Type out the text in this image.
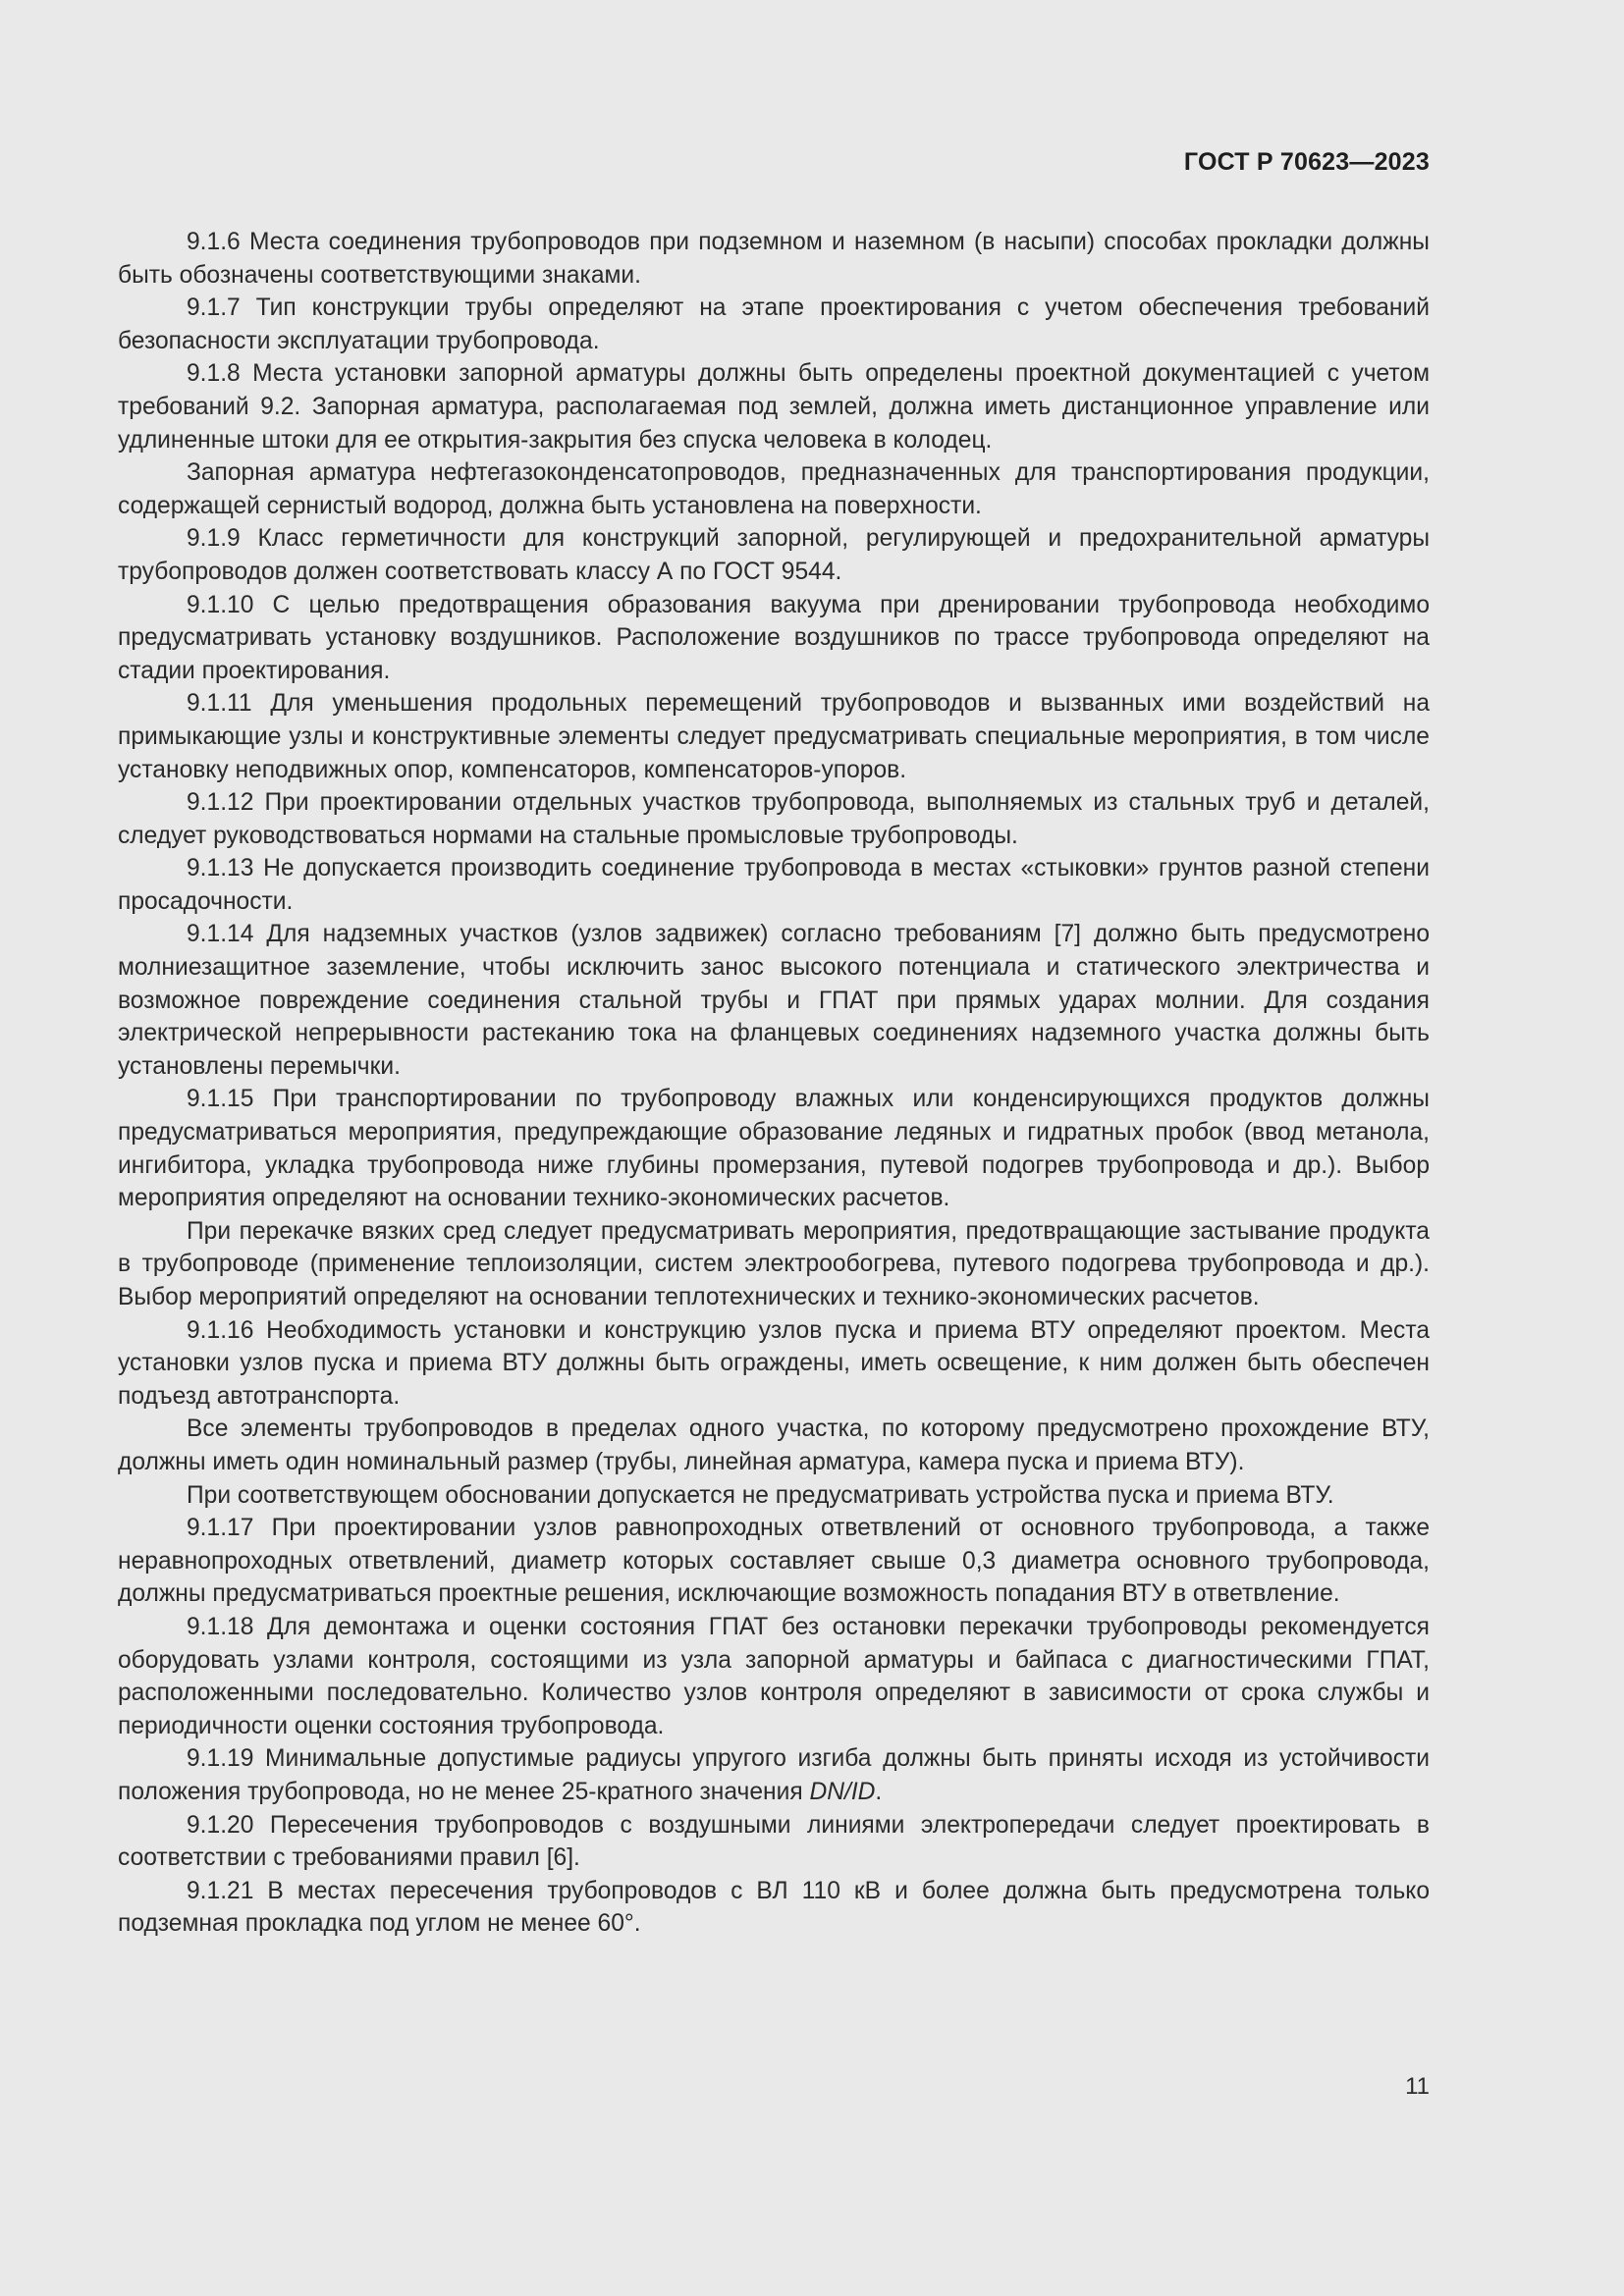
ГОСТ Р 70623—2023

9.1.6 Места соединения трубопроводов при подземном и наземном (в насыпи) способах прокладки должны быть обозначены соответствующими знаками.

9.1.7 Тип конструкции трубы определяют на этапе проектирования с учетом обеспечения требований безопасности эксплуатации трубопровода.

9.1.8 Места установки запорной арматуры должны быть определены проектной документацией с учетом требований 9.2. Запорная арматура, располагаемая под землей, должна иметь дистанционное управление или удлиненные штоки для ее открытия-закрытия без спуска человека в колодец.

Запорная арматура нефтегазоконденсатопроводов, предназначенных для транспортирования продукции, содержащей сернистый водород, должна быть установлена на поверхности.

9.1.9 Класс герметичности для конструкций запорной, регулирующей и предохранительной арматуры трубопроводов должен соответствовать классу А по ГОСТ 9544.

9.1.10 С целью предотвращения образования вакуума при дренировании трубопровода необходимо предусматривать установку воздушников. Расположение воздушников по трассе трубопровода определяют на стадии проектирования.

9.1.11 Для уменьшения продольных перемещений трубопроводов и вызванных ими воздействий на примыкающие узлы и конструктивные элементы следует предусматривать специальные мероприятия, в том числе установку неподвижных опор, компенсаторов, компенсаторов-упоров.

9.1.12 При проектировании отдельных участков трубопровода, выполняемых из стальных труб и деталей, следует руководствоваться нормами на стальные промысловые трубопроводы.

9.1.13 Не допускается производить соединение трубопровода в местах «стыковки» грунтов разной степени просадочности.

9.1.14 Для надземных участков (узлов задвижек) согласно требованиям [7] должно быть предусмотрено молниезащитное заземление, чтобы исключить занос высокого потенциала и статического электричества и возможное повреждение соединения стальной трубы и ГПАТ при прямых ударах молнии. Для создания электрической непрерывности растеканию тока на фланцевых соединениях надземного участка должны быть установлены перемычки.

9.1.15 При транспортировании по трубопроводу влажных или конденсирующихся продуктов должны предусматриваться мероприятия, предупреждающие образование ледяных и гидратных пробок (ввод метанола, ингибитора, укладка трубопровода ниже глубины промерзания, путевой подогрев трубопровода и др.). Выбор мероприятия определяют на основании технико-экономических расчетов.

При перекачке вязких сред следует предусматривать мероприятия, предотвращающие застывание продукта в трубопроводе (применение теплоизоляции, систем электрообогрева, путевого подогрева трубопровода и др.). Выбор мероприятий определяют на основании теплотехнических и технико-экономических расчетов.

9.1.16 Необходимость установки и конструкцию узлов пуска и приема ВТУ определяют проектом. Места установки узлов пуска и приема ВТУ должны быть ограждены, иметь освещение, к ним должен быть обеспечен подъезд автотранспорта.

Все элементы трубопроводов в пределах одного участка, по которому предусмотрено прохождение ВТУ, должны иметь один номинальный размер (трубы, линейная арматура, камера пуска и приема ВТУ).

При соответствующем обосновании допускается не предусматривать устройства пуска и приема ВТУ.

9.1.17 При проектировании узлов равнопроходных ответвлений от основного трубопровода, а также неравнопроходных ответвлений, диаметр которых составляет свыше 0,3 диаметра основного трубопровода, должны предусматриваться проектные решения, исключающие возможность попадания ВТУ в ответвление.

9.1.18 Для демонтажа и оценки состояния ГПАТ без остановки перекачки трубопроводы рекомендуется оборудовать узлами контроля, состоящими из узла запорной арматуры и байпаса с диагностическими ГПАТ, расположенными последовательно. Количество узлов контроля определяют в зависимости от срока службы и периодичности оценки состояния трубопровода.

9.1.19 Минимальные допустимые радиусы упругого изгиба должны быть приняты исходя из устойчивости положения трубопровода, но не менее 25-кратного значения DN/ID.

9.1.20 Пересечения трубопроводов с воздушными линиями электропередачи следует проектировать в соответствии с требованиями правил [6].

9.1.21 В местах пересечения трубопроводов с ВЛ 110 кВ и более должна быть предусмотрена только подземная прокладка под углом не менее 60°.

11
